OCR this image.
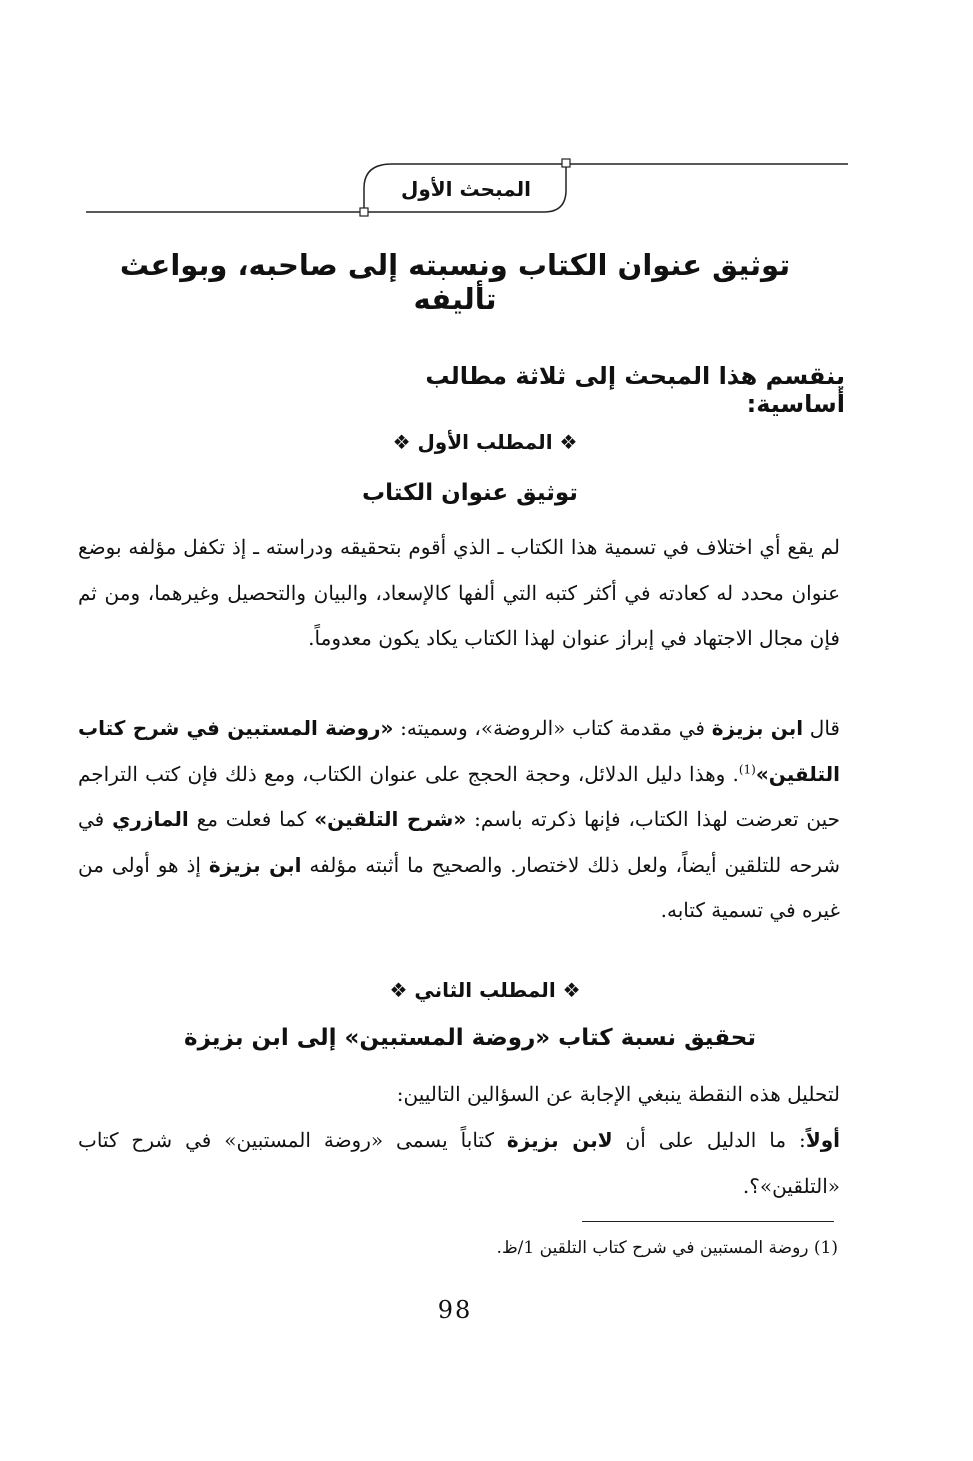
المبحث الأول
توثيق عنوان الكتاب ونسبته إلى صاحبه، وبواعث تأليفه
ينقسم هذا المبحث إلى ثلاثة مطالب أساسية:
❖ المطلب الأول ❖
توثيق عنوان الكتاب
لم يقع أي اختلاف في تسمية هذا الكتاب ـ الذي أقوم بتحقيقه ودراسته ـ إذ تكفل مؤلفه بوضع عنوان محدد له كعادته في أكثر كتبه التي ألفها كالإسعاد، والبيان والتحصيل وغيرهما، ومن ثم فإن مجال الاجتهاد في إبراز عنوان لهذا الكتاب يكاد يكون معدوماً.
قال ابن بزيزة في مقدمة كتاب «الروضة»، وسميته: «روضة المستبين في شرح كتاب التلقين»$^{(1)}$. وهذا دليل الدلائل، وحجة الحجج على عنوان الكتاب، ومع ذلك فإن كتب التراجم حين تعرضت لهذا الكتاب، فإنها ذكرته باسم: «شرح التلقين» كما فعلت مع المازري في شرحه للتلقين أيضاً، ولعل ذلك لاختصار. والصحيح ما أثبته مؤلفه ابن بزيزة إذ هو أولى من غيره في تسمية كتابه.
❖ المطلب الثاني ❖
تحقيق نسبة كتاب «روضة المستبين» إلى ابن بزيزة
لتحليل هذه النقطة ينبغي الإجابة عن السؤالين التاليين:
أولاً: ما الدليل على أن لابن بزيزة كتاباً يسمى «روضة المستبين» في شرح كتاب «التلقين»؟.
(1) روضة المستبين في شرح كتاب التلقين 1/ظ.
98
